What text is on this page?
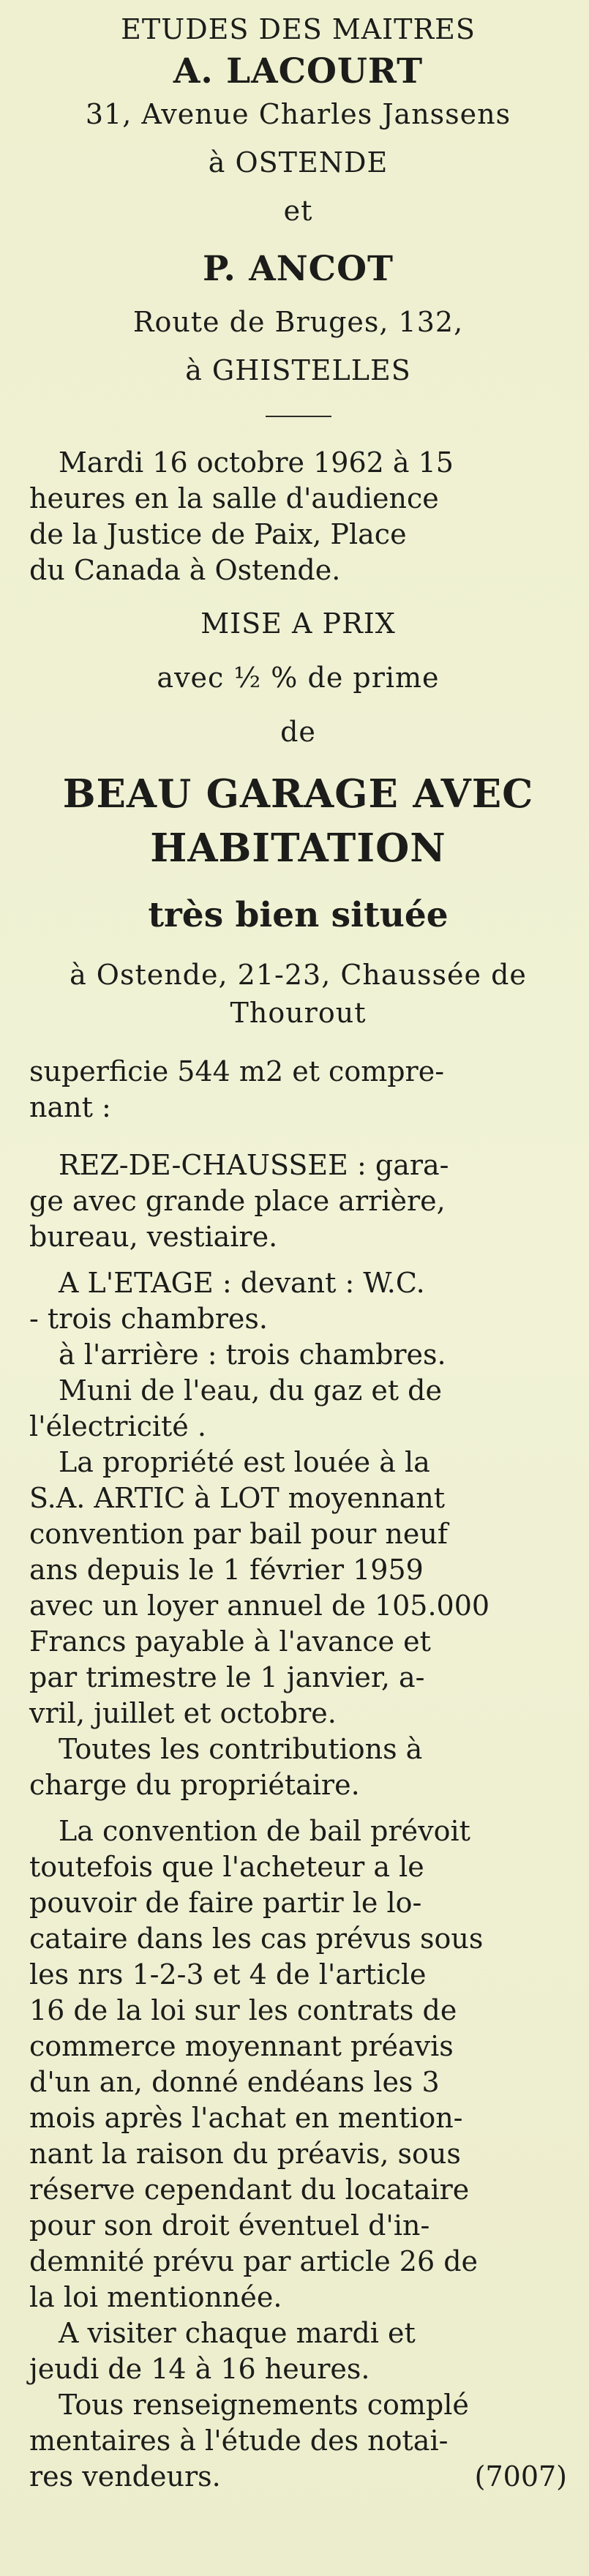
ETUDES DES MAITRES
A. LACOURT
31, Avenue Charles Janssens
à OSTENDE
et
P. ANCOT
Route de Bruges, 132,
à GHISTELLES
Mardi 16 octobre 1962 à 15
heures en la salle d'audience
de la Justice de Paix, Place
du Canada à Ostende.
MISE A PRIX
avec ½ % de prime
de
BEAU GARAGE AVEC
HABITATION
très bien située
à Ostende, 21-23, Chaussée de
Thourout
superficie 544 m2 et compre-
nant :
REZ-DE-CHAUSSEE : gara-
ge avec grande place arrière,
bureau, vestiaire.
A L'ETAGE : devant : W.C.
- trois chambres.
à l'arrière : trois chambres.
Muni de l'eau, du gaz et de
l'électricité .
La propriété est louée à la
S.A. ARTIC à LOT moyennant
convention par bail pour neuf
ans depuis le 1 février 1959
avec un loyer annuel de 105.000
Francs payable à l'avance et
par trimestre le 1 janvier, a-
vril, juillet et octobre.
Toutes les contributions à
charge du propriétaire.
La convention de bail prévoit
toutefois que l'acheteur a le
pouvoir de faire partir le lo-
cataire dans les cas prévus sous
les nrs 1-2-3 et 4 de l'article
16 de la loi sur les contrats de
commerce moyennant préavis
d'un an, donné endéans les 3
mois après l'achat en mention-
nant la raison du préavis, sous
réserve cependant du locataire
pour son droit éventuel d'in-
demnité prévu par article 26 de
la loi mentionnée.
A visiter chaque mardi et
jeudi de 14 à 16 heures.
Tous renseignements complé
mentaires à l'étude des notai-
res vendeurs.	(7007)
